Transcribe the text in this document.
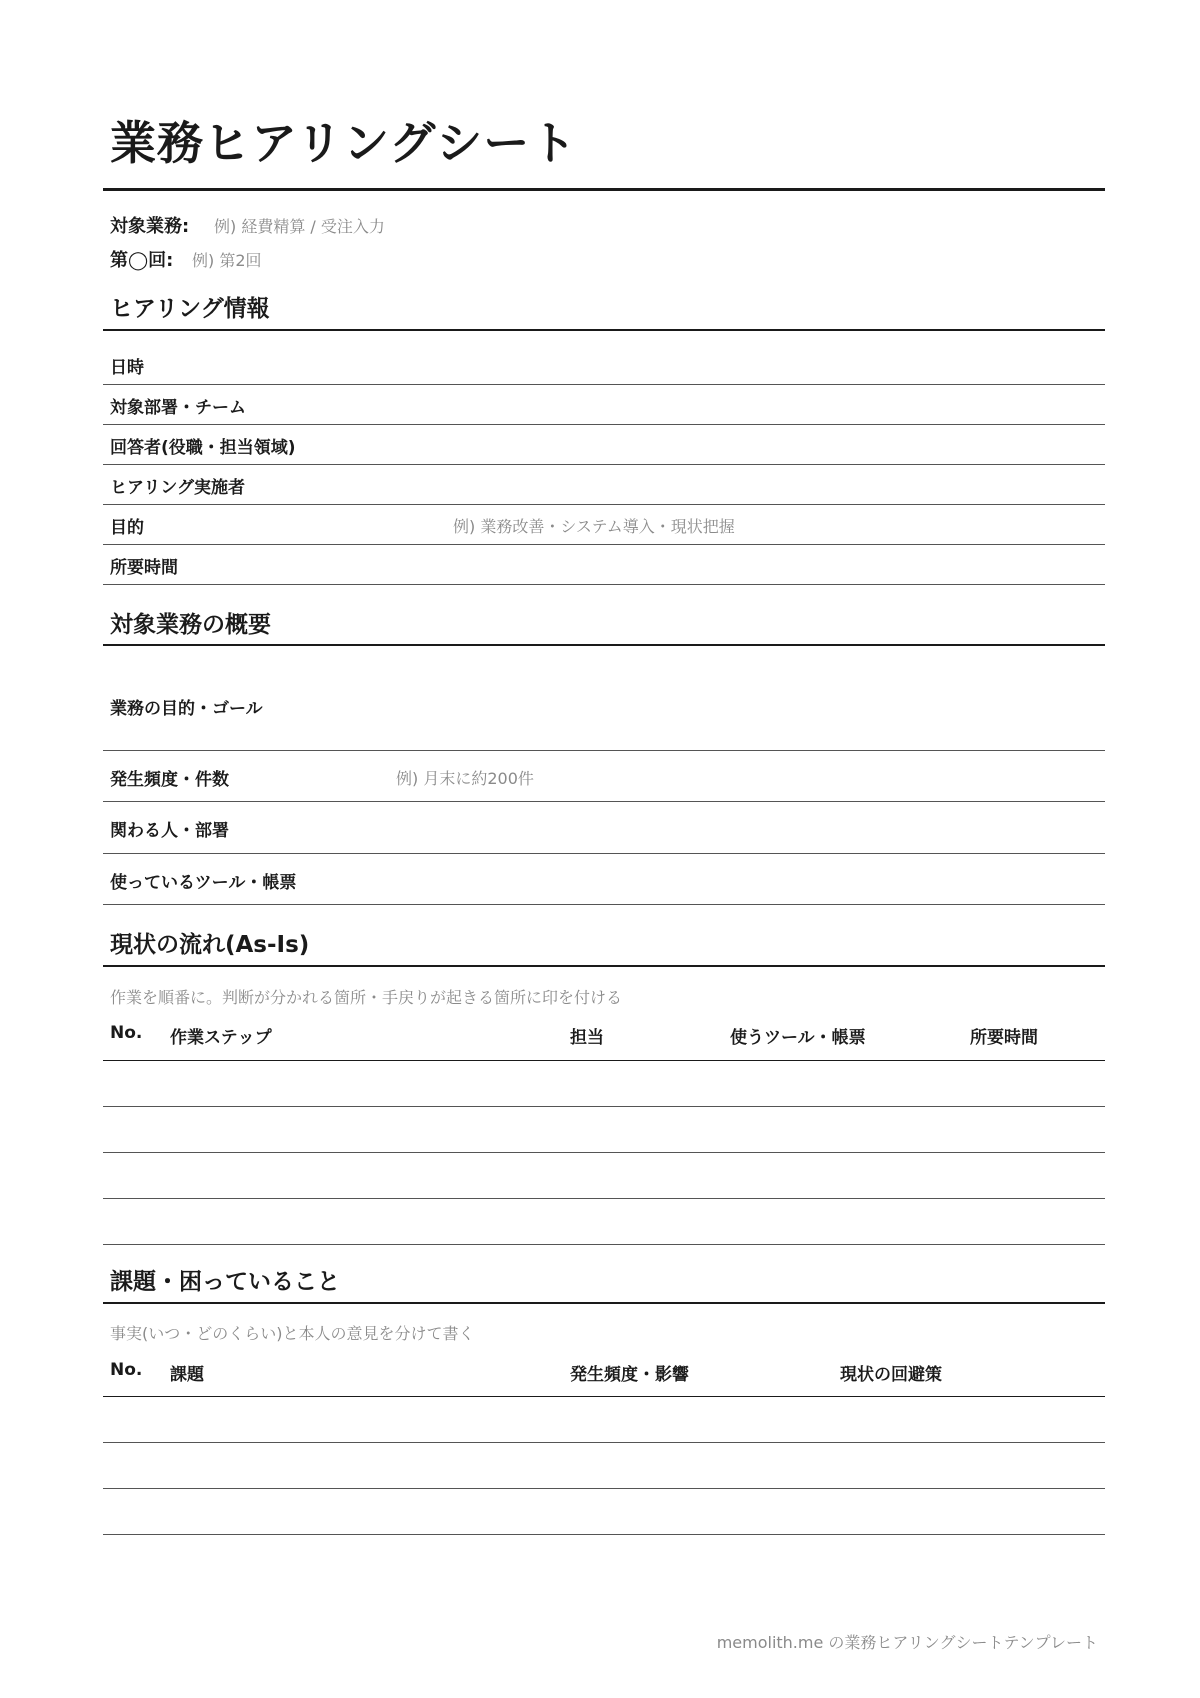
業務ヒアリングシート
対象業務: 例) 経費精算 / 受注入力
第◯回: 例) 第2回
ヒアリング情報
日時
対象部署・チーム
回答者(役職・担当領域)
ヒアリング実施者
目的	例) 業務改善・システム導入・現状把握
所要時間
対象業務の概要
業務の目的・ゴール
発生頻度・件数	例) 月末に約200件
関わる人・部署
使っているツール・帳票
現状の流れ(As-Is)
作業を順番に。判断が分かれる箇所・手戻りが起きる箇所に印を付ける
No. 作業ステップ	担当	使うツール・帳票	所要時間
課題・困っていること
事実(いつ・どのくらい)と本人の意見を分けて書く
No. 課題	発生頻度・影響	現状の回避策
memolith.me の業務ヒアリングシートテンプレート
